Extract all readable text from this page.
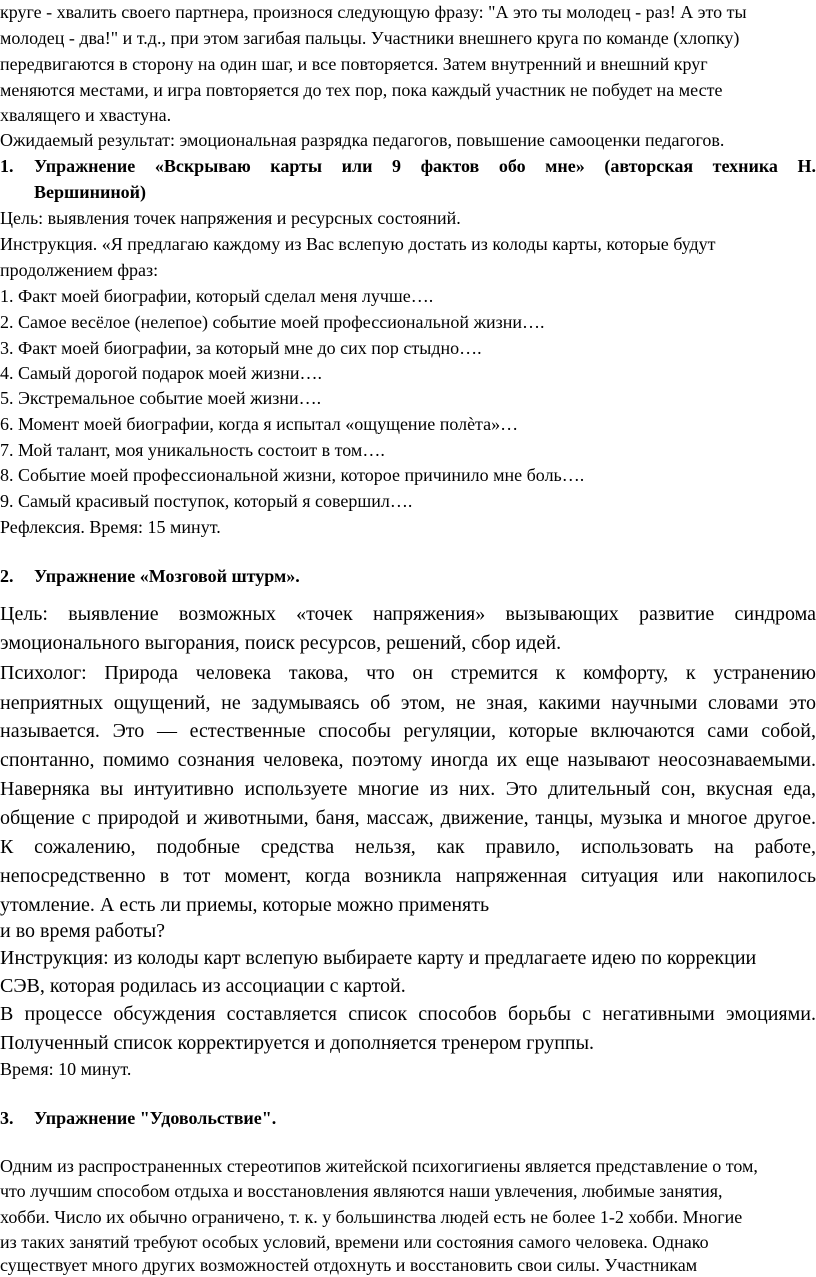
круге - хвалить своего партнера, произнося следующую фразу: "А это ты молодец - раз! А это ты
молодец - два!" и т.д., при этом загибая пальцы. Участники внешнего круга по команде (хлопку)
передвигаются в сторону на один шаг, и все повторяется. Затем внутренний и внешний круг
меняются местами, и игра повторяется до тех пор, пока каждый участник не побудет на месте
хвалящего и хвастуна.
Ожидаемый результат: эмоциональная разрядка педагогов, повышение самооценки педагогов.
1. Упражнение «Вскрываю карты или 9 фактов обо мне» (авторская техника Н.
Вершининой)
Цель: выявления точек напряжения и ресурсных состояний.
Инструкция. «Я предлагаю каждому из Вас вслепую достать из колоды карты, которые будут
продолжением фраз:
1. Факт моей биографии, который сделал меня лучше….
2. Самое весёлое (нелепое) событие моей профессиональной жизни….
3. Факт моей биографии, за который мне до сих пор стыдно….
4. Самый дорогой подарок моей жизни….
5. Экстремальное событие моей жизни….
6. Момент моей биографии, когда я испытал «ощущение полѐта»…
7. Мой талант, моя уникальность состоит в том….
8. Событие моей профессиональной жизни, которое причинило мне боль….
9. Самый красивый поступок, который я совершил….
Рефлексия. Время: 15 минут.
2. Упражнение «Мозговой штурм».
Цель: выявление возможных «точек напряжения» вызывающих развитие синдрома
эмоционального выгорания, поиск ресурсов, решений, сбор идей.
Психолог: Природа человека такова, что он стремится к комфорту, к устранению
неприятных ощущений, не задумываясь об этом, не зная, какими научными словами это
называется. Это — естественные способы регуляции, которые включаются сами собой,
спонтанно, помимо сознания человека, поэтому иногда их еще называют неосознаваемыми.
Наверняка вы интуитивно используете многие из них. Это длительный сон, вкусная еда,
общение с природой и животными, баня, массаж, движение, танцы, музыка и многое другое.
К сожалению, подобные средства нельзя, как правило, использовать на работе,
непосредственно в тот момент, когда возникла напряженная ситуация или накопилось
утомление. А есть ли приемы, которые можно применять
и во время работы?
Инструкция: из колоды карт вслепую выбираете карту и предлагаете идею по коррекции
СЭВ, которая родилась из ассоциации с картой.
В процессе обсуждения составляется список способов борьбы с негативными эмоциями.
Полученный список корректируется и дополняется тренером группы.
Время: 10 минут.
3. Упражнение "Удовольствие".
Одним из распространенных стереотипов житейской психогигиены является представление о том,
что лучшим способом отдыха и восстановления являются наши увлечения, любимые занятия,
хобби. Число их обычно ограничено, т. к. у большинства людей есть не более 1-2 хобби. Многие
из таких занятий требуют особых условий, времени или состояния самого человека. Однако
существует много других возможностей отдохнуть и восстановить свои силы. Участникам
